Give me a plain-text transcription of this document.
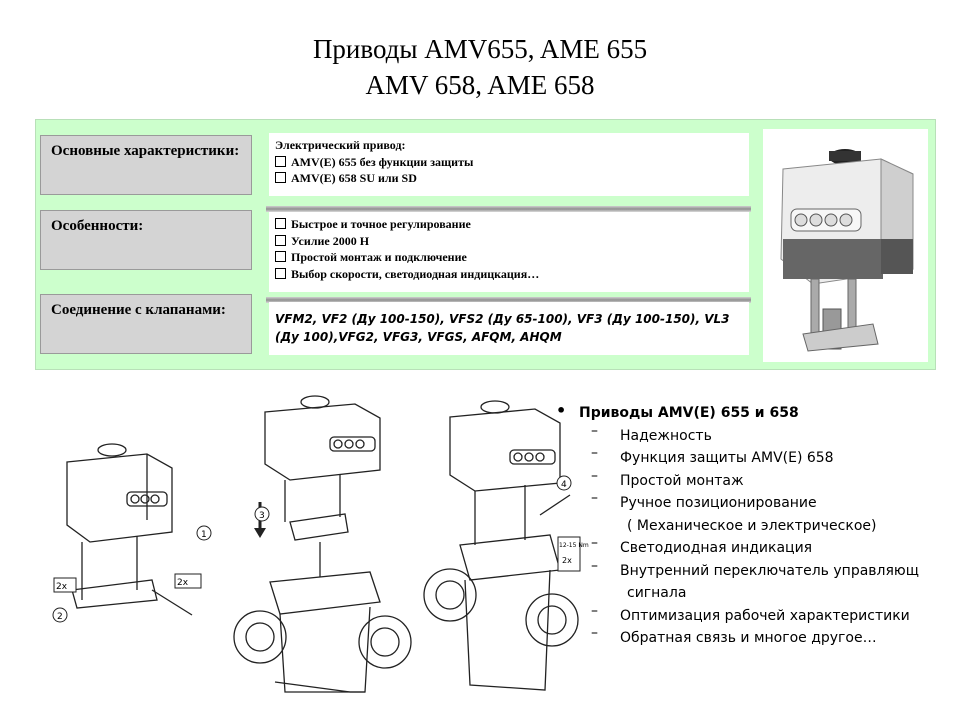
Приводы AMV655, AME 655
AMV 658, AME 658
Основные характеристики:	Электрический привод:
AMV(E) 655 без функции защиты
AMV(E) 658 SU или SD
Особенности:	Быстрое и точное регулирование
Усилие 2000 Н
Простой монтаж и подключение
Выбор скорости, светодиодная индицкация…
Соединение с клапанами:
VFM2, VF2 (Ду 100-150), VFS2 (Ду 65-100), VF3 (Ду 100-150), VL3 (Ду 100),VFG2, VFG3, VFGS, AFQM, AHQM
2x	2x
1
2
3
4
12-15 Nm
2x
• Приводы AMV(E) 655 и 658
– Надежность
– Функция защиты AMV(E) 658
– Простой монтаж
– Ручное позиционирование
( Механическое и электрическое)
– Светодиодная индикация
– Внутренний переключатель управляющ
сигнала
– Оптимизация рабочей характеристики
– Обратная связь и многое другое…
